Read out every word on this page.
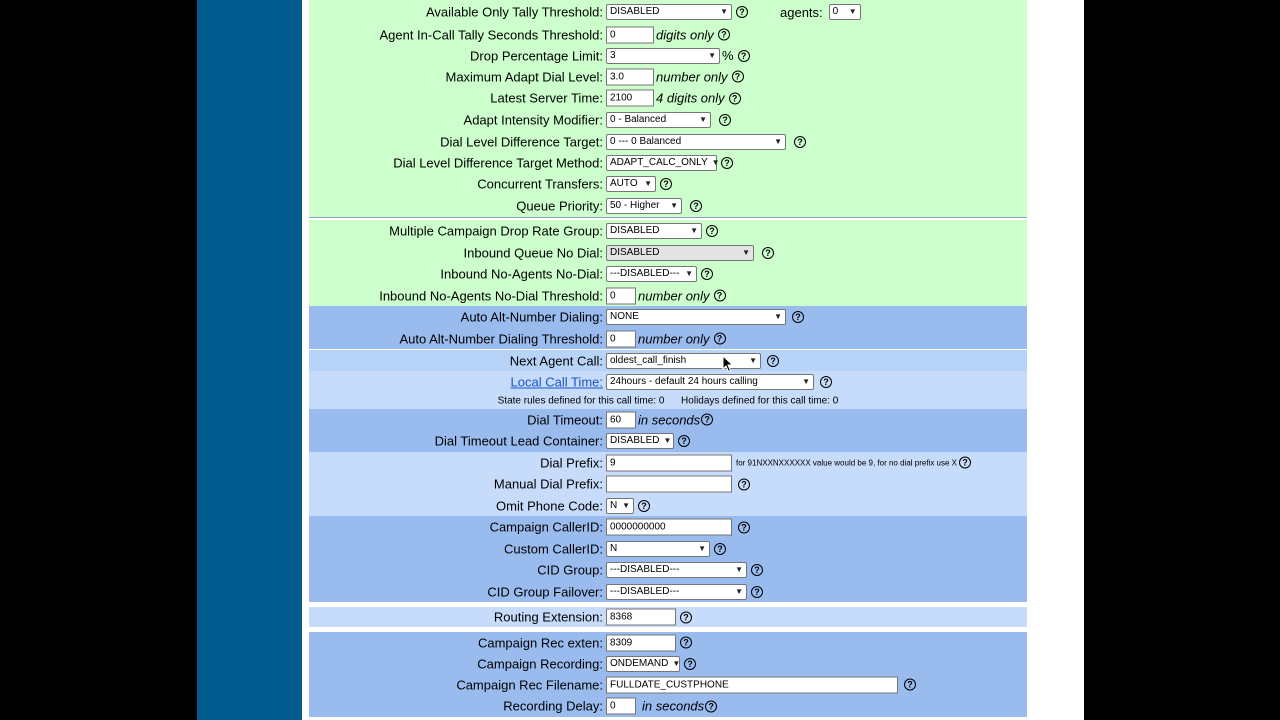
Available Only Tally Threshold: DISABLED	▼	?	agents: 0 ▼
Agent In-Call Tally Seconds Threshold: 0	digits only ?
Drop Percentage Limit: 3	▼ % ?
Maximum Adapt Dial Level: 3.0	number only ?
Latest Server Time: 2100	4 digits only ?
Adapt Intensity Modifier: 0 - Balanced	▼	?
Dial Level Difference Target: 0 --- 0 Balanced	▼	?
Dial Level Difference Target Method: ADAPT_CALC_ONLY ▼ ?
Concurrent Transfers: AUTO ▼	?
Queue Priority: 50 - Higher ▼	?
Multiple Campaign Drop Rate Group: DISABLED	▼	?
Inbound Queue No Dial: DISABLED	▼	?
Inbound No-Agents No-Dial: ---DISABLED--- ▼	?
Inbound No-Agents No-Dial Threshold: 0	number only ?
Auto Alt-Number Dialing: NONE	▼	?
Auto Alt-Number Dialing Threshold: 0	number only ?
Next Agent Call: oldest_call_finish	▼	?
Local Call Time: 24hours - default 24 hours calling	▼	?
State rules defined for this call time: 0      Holidays defined for this call time: 0
Dial Timeout: 60	in seconds ?
Dial Timeout Lead Container: DISABLED ▼	?
Dial Prefix: 9	for 91NXXNXXXXXX value would be 9, for no dial prefix use X ?
Manual Dial Prefix:	?
Omit Phone Code: N ▼	?
Campaign CallerID: 0000000000	?
Custom CallerID: N	▼	?
CID Group: ---DISABLED---	▼	?
CID Group Failover: ---DISABLED---	▼	?
Routing Extension: 8368	?
Campaign Rec exten: 8309	?
Campaign Recording: ONDEMAND ▼ ?
Campaign Rec Filename: FULLDATE_CUSTPHONE	?
Recording Delay: 0	in seconds ?
